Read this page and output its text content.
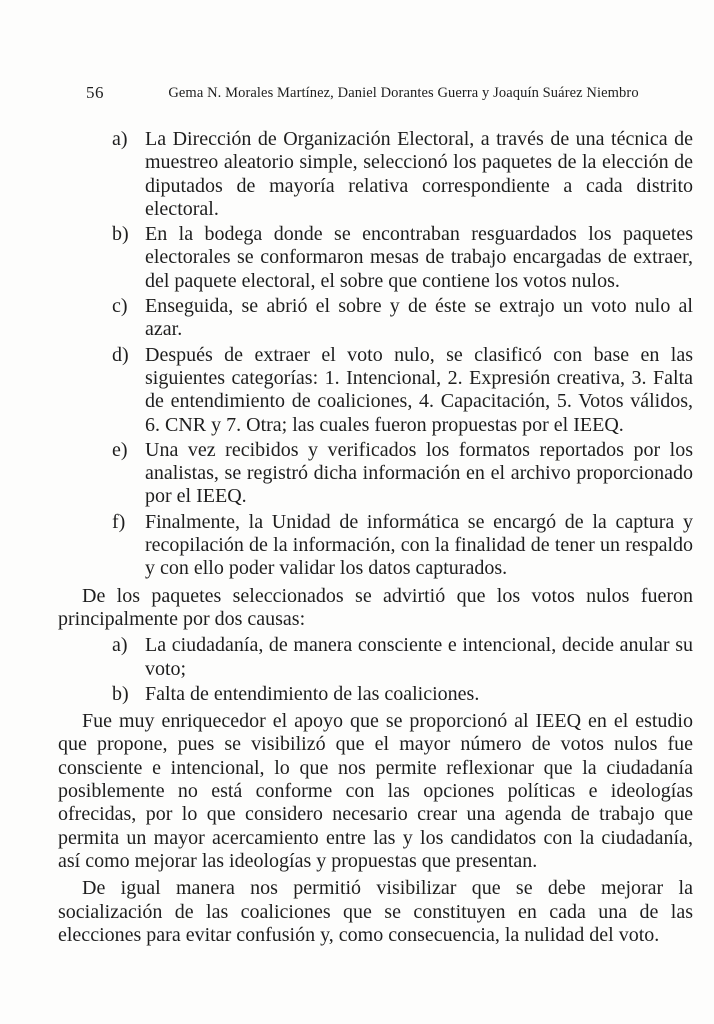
56	Gema N. Morales Martínez, Daniel Dorantes Guerra y Joaquín Suárez Niembro
a) La Dirección de Organización Electoral, a través de una técnica de muestreo aleatorio simple, seleccionó los paquetes de la elección de diputados de mayoría relativa correspondiente a cada distrito electoral.
b) En la bodega donde se encontraban resguardados los paquetes electorales se conformaron mesas de trabajo encargadas de extraer, del paquete electoral, el sobre que contiene los votos nulos.
c) Enseguida, se abrió el sobre y de éste se extrajo un voto nulo al azar.
d) Después de extraer el voto nulo, se clasificó con base en las siguientes categorías: 1. Intencional, 2. Expresión creativa, 3. Falta de entendimiento de coaliciones, 4. Capacitación, 5. Votos válidos, 6. CNR y 7. Otra; las cuales fueron propuestas por el IEEQ.
e) Una vez recibidos y verificados los formatos reportados por los analistas, se registró dicha información en el archivo proporcionado por el IEEQ.
f) Finalmente, la Unidad de informática se encargó de la captura y recopilación de la información, con la finalidad de tener un respaldo y con ello poder validar los datos capturados.

De los paquetes seleccionados se advirtió que los votos nulos fueron principalmente por dos causas:

a) La ciudadanía, de manera consciente e intencional, decide anular su voto;
b) Falta de entendimiento de las coaliciones.

Fue muy enriquecedor el apoyo que se proporcionó al IEEQ en el estudio que propone, pues se visibilizó que el mayor número de votos nulos fue consciente e intencional, lo que nos permite reflexionar que la ciudadanía posiblemente no está conforme con las opciones políticas e ideologías ofrecidas, por lo que considero necesario crear una agenda de trabajo que permita un mayor acercamiento entre las y los candidatos con la ciudadanía, así como mejorar las ideologías y propuestas que presentan.

De igual manera nos permitió visibilizar que se debe mejorar la socialización de las coaliciones que se constituyen en cada una de las elecciones para evitar confusión y, como consecuencia, la nulidad del voto.
